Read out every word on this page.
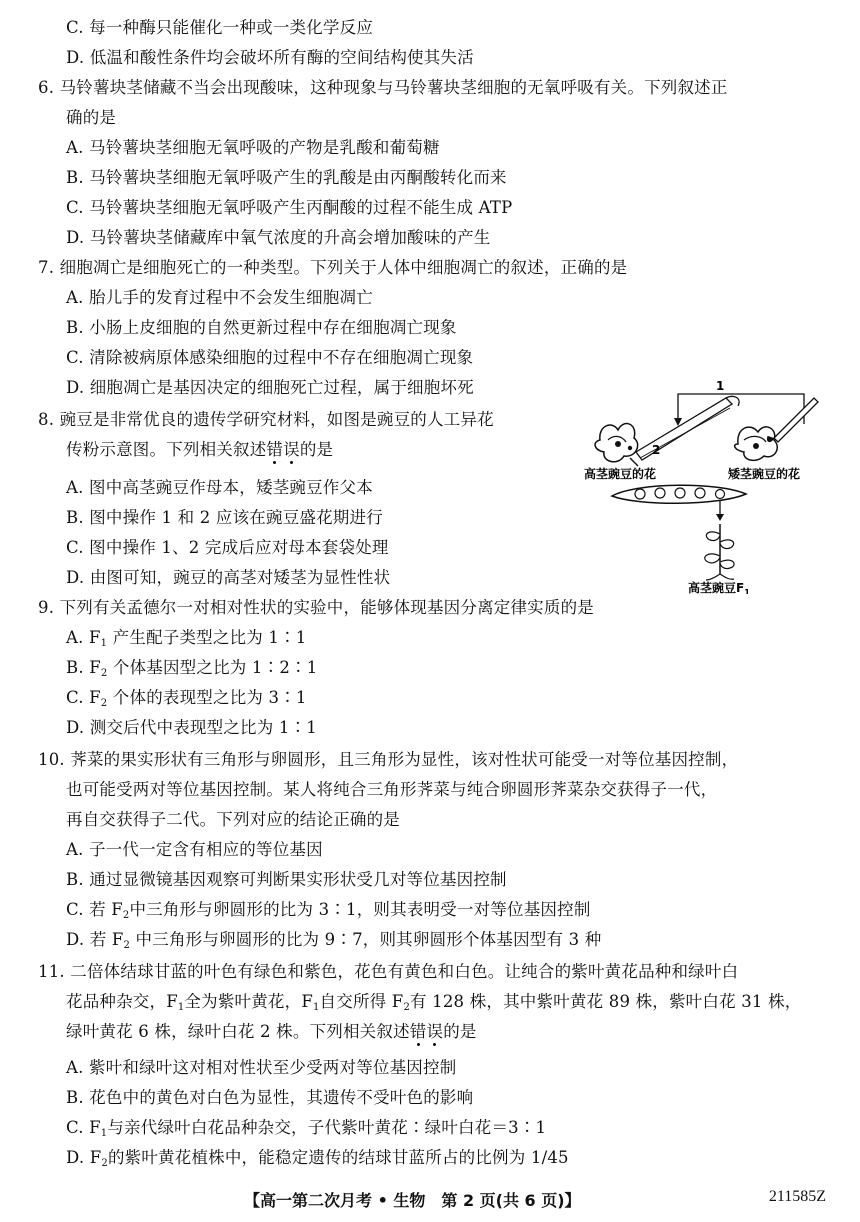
C. 每一种酶只能催化一种或一类化学反应
D. 低温和酸性条件均会破坏所有酶的空间结构使其失活
6. 马铃薯块茎储藏不当会出现酸味，这种现象与马铃薯块茎细胞的无氧呼吸有关。下列叙述正
确的是
A. 马铃薯块茎细胞无氧呼吸的产物是乳酸和葡萄糖
B. 马铃薯块茎细胞无氧呼吸产生的乳酸是由丙酮酸转化而来
C. 马铃薯块茎细胞无氧呼吸产生丙酮酸的过程不能生成 ATP
D. 马铃薯块茎储藏库中氧气浓度的升高会增加酸味的产生
7. 细胞凋亡是细胞死亡的一种类型。下列关于人体中细胞凋亡的叙述，正确的是
A. 胎儿手的发育过程中不会发生细胞凋亡
B. 小肠上皮细胞的自然更新过程中存在细胞凋亡现象
C. 清除被病原体感染细胞的过程中不存在细胞凋亡现象
D. 细胞凋亡是基因决定的细胞死亡过程，属于细胞坏死
8. 豌豆是非常优良的遗传学研究材料，如图是豌豆的人工异花
传粉示意图。下列相关叙述错误的是
A. 图中高茎豌豆作母本，矮茎豌豆作父本
B. 图中操作 1 和 2 应该在豌豆盛花期进行
C. 图中操作 1、2 完成后应对母本套袋处理
D. 由图可知，豌豆的高茎对矮茎为显性性状
1
2
高茎豌豆的花	矮茎豌豆的花
高茎豌豆$F_1$
9. 下列有关孟德尔一对相对性状的实验中，能够体现基因分离定律实质的是
A. $F_1$ 产生配子类型之比为 1∶1
B. $F_2$ 个体基因型之比为 1∶2∶1
C. $F_2$ 个体的表现型之比为 3∶1
D. 测交后代中表现型之比为 1∶1
10. 荠菜的果实形状有三角形与卵圆形，且三角形为显性，该对性状可能受一对等位基因控制，
也可能受两对等位基因控制。某人将纯合三角形荠菜与纯合卵圆形荠菜杂交获得子一代，
再自交获得子二代。下列对应的结论正确的是
A. 子一代一定含有相应的等位基因
B. 通过显微镜基因观察可判断果实形状受几对等位基因控制
C. 若 $F_2$中三角形与卵圆形的比为 3∶1，则其表明受一对等位基因控制
D. 若 $F_2$ 中三角形与卵圆形的比为 9∶7，则其卵圆形个体基因型有 3 种
11. 二倍体结球甘蓝的叶色有绿色和紫色，花色有黄色和白色。让纯合的紫叶黄花品种和绿叶白
花品种杂交，$F_1$全为紫叶黄花，$F_1$自交所得 $F_2$有 128 株，其中紫叶黄花 89 株，紫叶白花 31 株，
绿叶黄花 6 株，绿叶白花 2 株。下列相关叙述错误的是
A. 紫叶和绿叶这对相对性状至少受两对等位基因控制
B. 花色中的黄色对白色为显性，其遗传不受叶色的影响
C. $F_1$与亲代绿叶白花品种杂交，子代紫叶黄花∶绿叶白花＝3∶1
D. $F_2$的紫叶黄花植株中，能稳定遗传的结球甘蓝所占的比例为 1/45
【高一第二次月考 • 生物　第 2 页(共 6 页)】	211585Z
